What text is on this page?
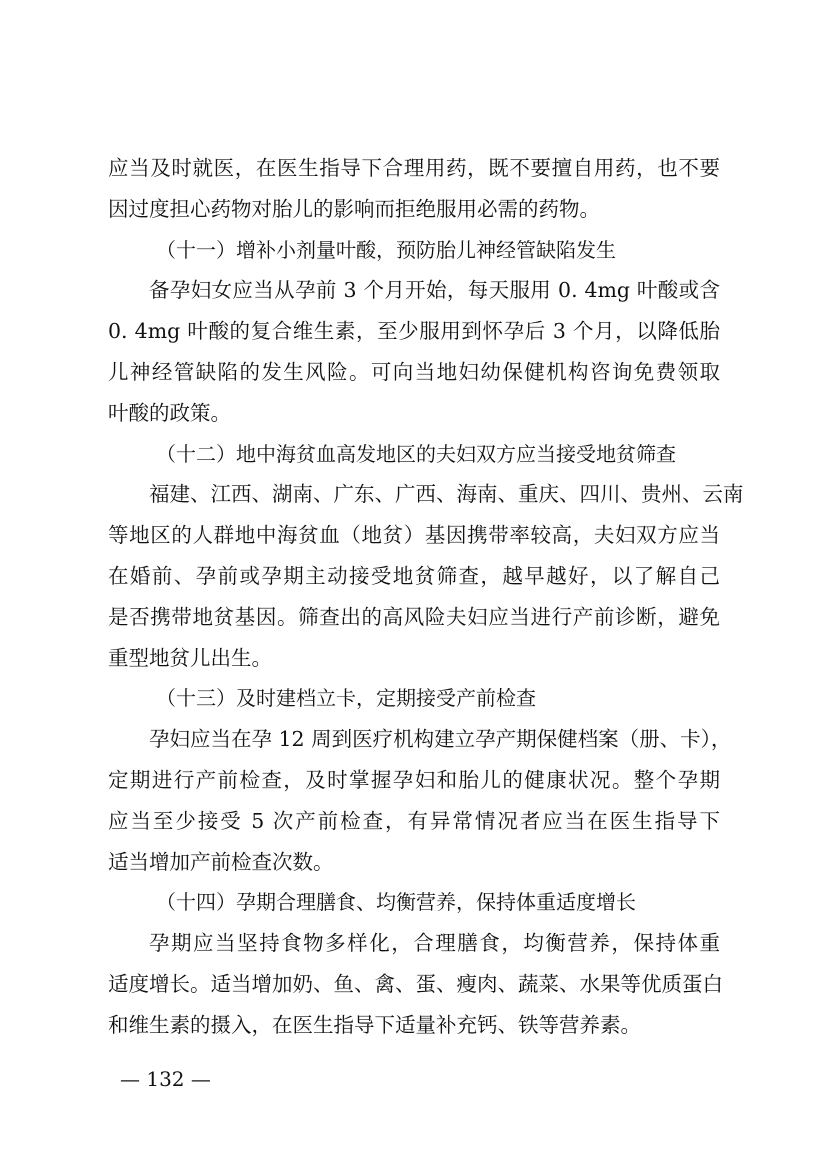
应当及时就医，在医生指导下合理用药，既不要擅自用药，也不要
因过度担心药物对胎儿的影响而拒绝服用必需的药物。
（十一）增补小剂量叶酸，预防胎儿神经管缺陷发生
备孕妇女应当从孕前 3 个月开始，每天服用 0. 4mg 叶酸或含
0. 4mg 叶酸的复合维生素，至少服用到怀孕后 3 个月，以降低胎
儿神经管缺陷的发生风险。可向当地妇幼保健机构咨询免费领取
叶酸的政策。
（十二）地中海贫血高发地区的夫妇双方应当接受地贫筛查
福建、江西、湖南、广东、广西、海南、重庆、四川、贵州、云南
等地区的人群地中海贫血（地贫）基因携带率较高，夫妇双方应当
在婚前、孕前或孕期主动接受地贫筛查，越早越好，以了解自己
是否携带地贫基因。筛查出的高风险夫妇应当进行产前诊断，避免
重型地贫儿出生。
（十三）及时建档立卡，定期接受产前检查
孕妇应当在孕 12 周到医疗机构建立孕产期保健档案（册、卡），
定期进行产前检查，及时掌握孕妇和胎儿的健康状况。整个孕期
应当至少接受 5 次产前检查，有异常情况者应当在医生指导下
适当增加产前检查次数。
（十四）孕期合理膳食、均衡营养，保持体重适度增长
孕期应当坚持食物多样化，合理膳食，均衡营养，保持体重
适度增长。适当增加奶、鱼、禽、蛋、瘦肉、蔬菜、水果等优质蛋白
和维生素的摄入，在医生指导下适量补充钙、铁等营养素。
— 132 —
